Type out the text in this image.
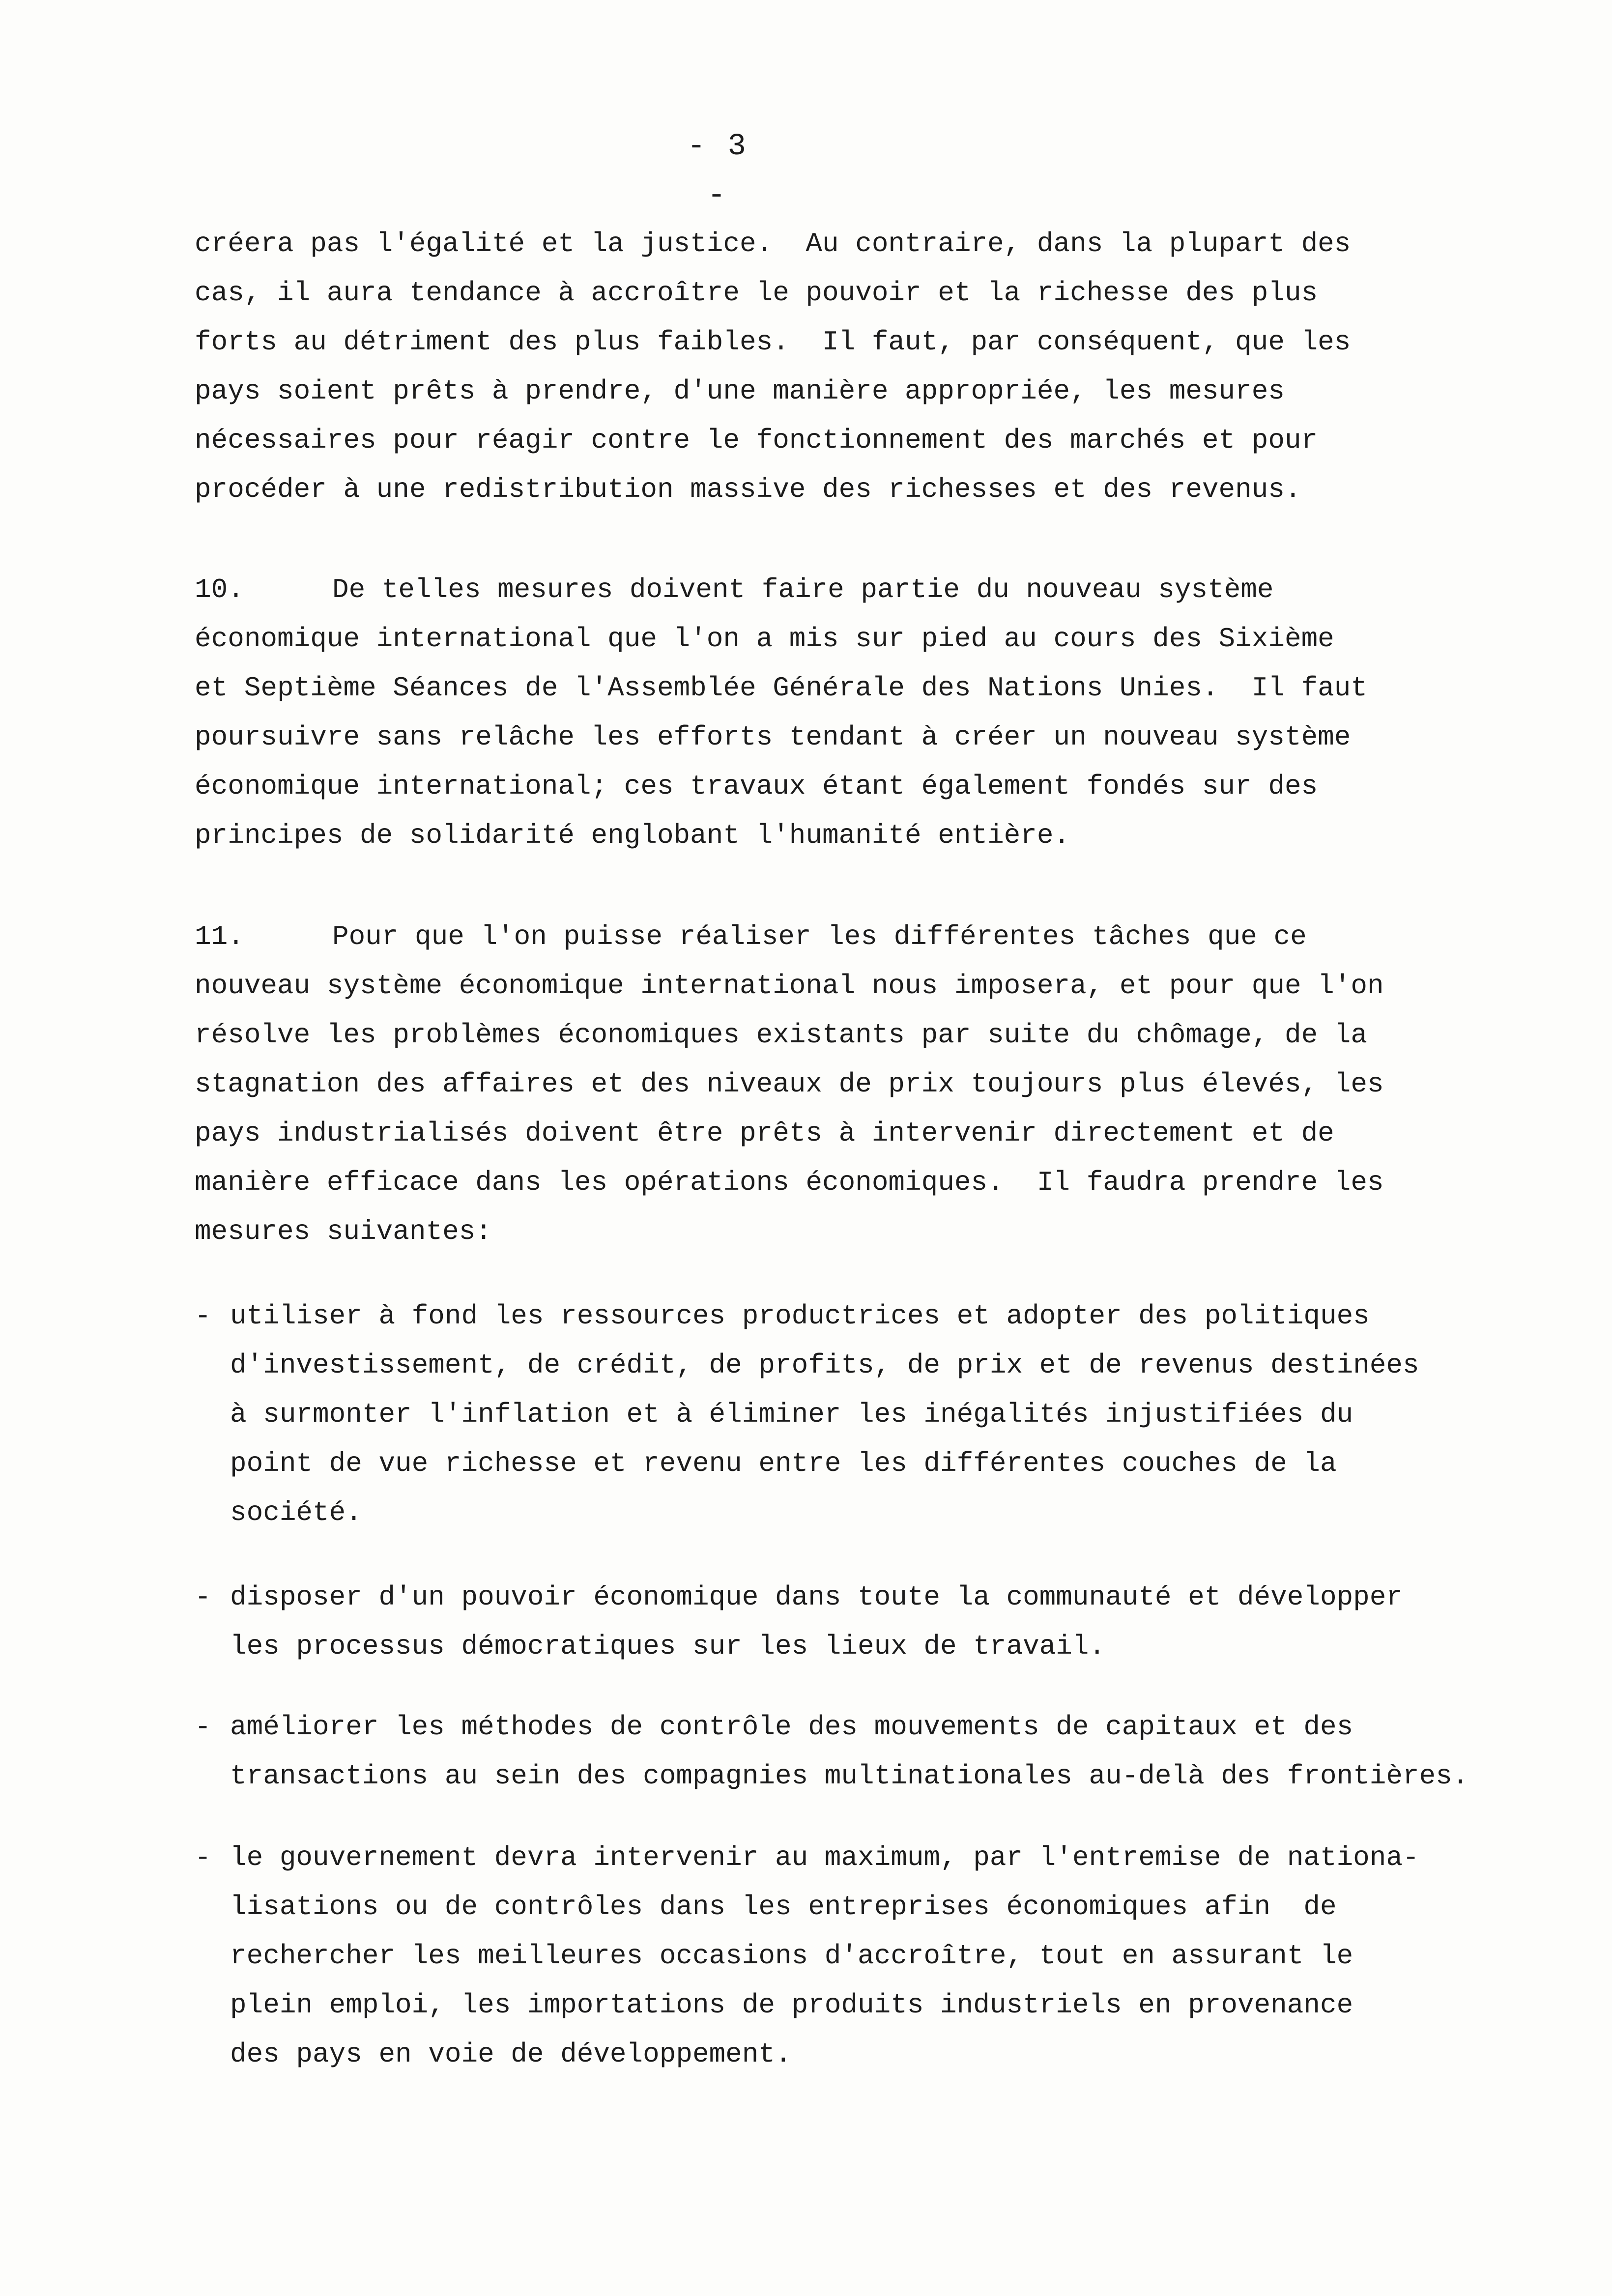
- 3 -
créera pas l'égalité et la justice.  Au contraire, dans la plupart des
cas, il aura tendance à accroître le pouvoir et la richesse des plus
forts au détriment des plus faibles.  Il faut, par conséquent, que les
pays soient prêts à prendre, d'une manière appropriée, les mesures
nécessaires pour réagir contre le fonctionnement des marchés et pour
procéder à une redistribution massive des richesses et des revenus.
10.	De telles mesures doivent faire partie du nouveau système
économique international que l'on a mis sur pied au cours des Sixième
et Septième Séances de l'Assemblée Générale des Nations Unies.  Il faut
poursuivre sans relâche les efforts tendant à créer un nouveau système
économique international; ces travaux étant également fondés sur des
principes de solidarité englobant l'humanité entière.
11.	Pour que l'on puisse réaliser les différentes tâches que ce
nouveau système économique international nous imposera, et pour que l'on
résolve les problèmes économiques existants par suite du chômage, de la
stagnation des affaires et des niveaux de prix toujours plus élevés, les
pays industrialisés doivent être prêts à intervenir directement et de
manière efficace dans les opérations économiques.  Il faudra prendre les
mesures suivantes:
- utiliser à fond les ressources productrices et adopter des politiques
d'investissement, de crédit, de profits, de prix et de revenus destinées
à surmonter l'inflation et à éliminer les inégalités injustifiées du
point de vue richesse et revenu entre les différentes couches de la
société.
- disposer d'un pouvoir économique dans toute la communauté et développer
les processus démocratiques sur les lieux de travail.
- améliorer les méthodes de contrôle des mouvements de capitaux et des
transactions au sein des compagnies multinationales au-delà des frontières.
- le gouvernement devra intervenir au maximum, par l'entremise de nationa-
lisations ou de contrôles dans les entreprises économiques afin  de
rechercher les meilleures occasions d'accroître, tout en assurant le
plein emploi, les importations de produits industriels en provenance
des pays en voie de développement.
